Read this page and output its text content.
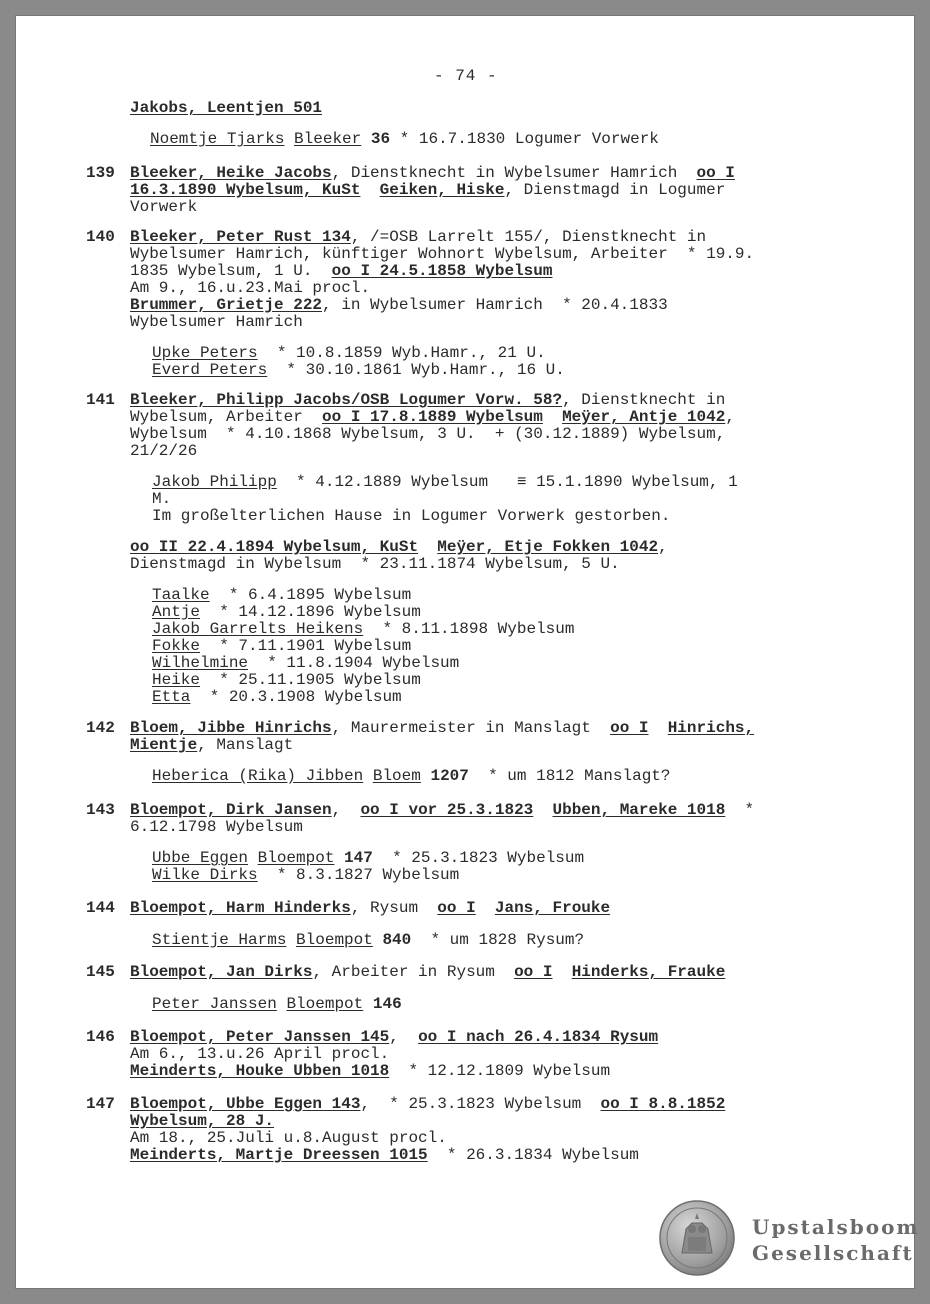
- 74 -
Jakobs, Leentjen 501
Noemtje Tjarks Bleeker 36 * 16.7.1830 Logumer Vorwerk
139 Bleeker, Heike Jacobs, Dienstknecht in Wybelsumer Hamrich  oo I
16.3.1890 Wybelsum, KuSt Geiken, Hiske, Dienstmagd in Logumer
Vorwerk
140 Bleeker, Peter Rust 134, /=OSB Larrelt 155/, Dienstknecht in
Wybelsumer Hamrich, künftiger Wohnort Wybelsum, Arbeiter  * 19.9.
1835 Wybelsum, 1 U.  oo I 24.5.1858 Wybelsum
Am 9., 16.u.23.Mai procl.
Brummer, Grietje 222, in Wybelsumer Hamrich  * 20.4.1833
Wybelsumer Hamrich
Upke Peters  * 10.8.1859 Wyb.Hamr., 21 U.
Everd Peters  * 30.10.1861 Wyb.Hamr., 16 U.
141 Bleeker, Philipp Jacobs/OSB Logumer Vorw. 58?, Dienstknecht in
Wybelsum, Arbeiter  oo I 17.8.1889 Wybelsum Meÿer, Antje 1042,
Wybelsum  * 4.10.1868 Wybelsum, 3 U.  + (30.12.1889) Wybelsum,
21/2/26
Jakob Philipp  * 4.12.1889 Wybelsum   ≡ 15.1.1890 Wybelsum, 1
M.
Im großelterlichen Hause in Logumer Vorwerk gestorben.
oo II 22.4.1894 Wybelsum, KuSt Meÿer, Etje Fokken 1042,
Dienstmagd in Wybelsum  * 23.11.1874 Wybelsum, 5 U.
Taalke  * 6.4.1895 Wybelsum
Antje  * 14.12.1896 Wybelsum
Jakob Garrelts Heikens  * 8.11.1898 Wybelsum
Fokke  * 7.11.1901 Wybelsum
Wilhelmine  * 11.8.1904 Wybelsum
Heike  * 25.11.1905 Wybelsum
Etta  * 20.3.1908 Wybelsum
142 Bloem, Jibbe Hinrichs, Maurermeister in Manslagt  oo I Hinrichs,
Mientje, Manslagt
Heberica (Rika) Jibben Bloem 1207  * um 1812 Manslagt?
143 Bloempot, Dirk Jansen,  oo I vor 25.3.1823 Ubben, Mareke 1018  *
6.12.1798 Wybelsum
Ubbe Eggen Bloempot 147  * 25.3.1823 Wybelsum
Wilke Dirks  * 8.3.1827 Wybelsum
144 Bloempot, Harm Hinderks, Rysum  oo I Jans, Frouke
Stientje Harms Bloempot 840  * um 1828 Rysum?
145 Bloempot, Jan Dirks, Arbeiter in Rysum  oo I Hinderks, Frauke
Peter Janssen Bloempot 146
146 Bloempot, Peter Janssen 145,  oo I nach 26.4.1834 Rysum
Am 6., 13.u.26 April procl.
Meinderts, Houke Ubben 1018  * 12.12.1809 Wybelsum
147 Bloempot, Ubbe Eggen 143,  * 25.3.1823 Wybelsum  oo I 8.8.1852
Wybelsum, 28 J.
Am 18., 25.Juli u.8.August procl.
Meinderts, Martje Dreessen 1015  * 26.3.1834 Wybelsum
Upstalsboom
Gesellschaft
